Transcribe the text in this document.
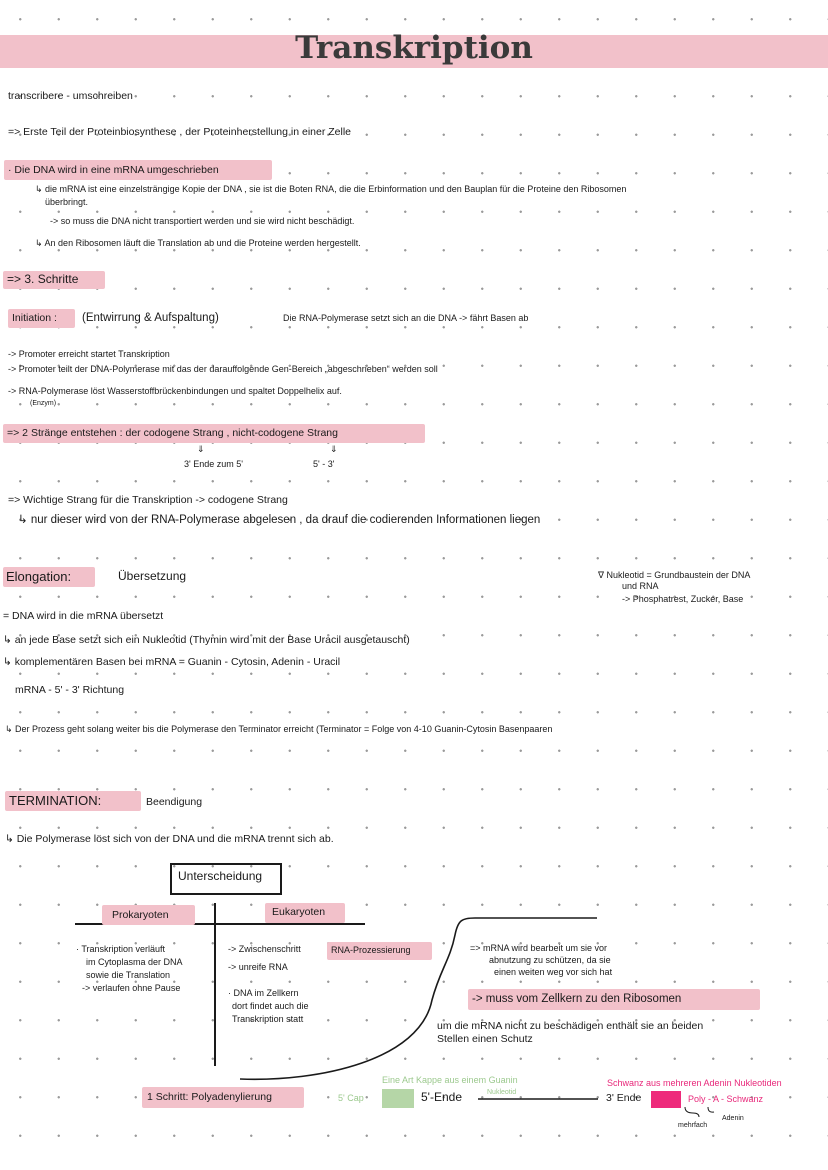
Transkription
transcribere - umschreiben
=> Erste Teil der Proteinbiosynthese , der Proteinherstellung in einer Zelle
· Die DNA wird in eine mRNA umgeschrieben
↳ die mRNA ist eine einzelsträngige Kopie der DNA , sie ist die Boten RNA, die die Erbinformation und den Bauplan für die Proteine den Ribosomen
überbringt.
-> so muss die DNA nicht transportiert werden und sie wird nicht beschädigt.
↳ An den Ribosomen läuft die Translation ab und die Proteine werden hergestellt.
=> 3. Schritte
Initiation : (Entwirrung & Aufspaltung)	Die RNA-Polymerase setzt sich an die DNA -> fährt Basen ab
-> Promoter erreicht startet Transkription
-> Promoter teilt der DNA-Polymerase mit das der darauffolgende Gen-Bereich „abgeschrieben“ werden soll
-> RNA-Polymerase löst Wasserstoffbrückenbindungen und spaltet Doppelhelix auf.
(Enzym)
=> 2 Stränge entstehen : der codogene Strang , nicht-codogene Strang
⇓	⇓
3' Ende zum 5'	5' - 3'
=> Wichtige Strang für die Transkription -> codogene Strang
↳ nur dieser wird von der RNA-Polymerase abgelesen , da drauf die codierenden Informationen liegen
Elongation:	Übersetzung	∇ Nukleotid = Grundbaustein der DNA
und RNA
-> Phosphatrest, Zucker, Base
= DNA wird in die mRNA übersetzt
↳ an jede Base setzt sich ein Nukleotid (Thymin wird mit der Base Uracil ausgetauscht)
↳ komplementären Basen bei mRNA = Guanin - Cytosin, Adenin - Uracil
mRNA - 5' - 3' Richtung
↳ Der Prozess geht solang weiter bis die Polymerase den Terminator erreicht (Terminator = Folge von 4-10 Guanin-Cytosin Basenpaaren
TERMINATION:	Beendigung
↳ Die Polymerase löst sich von der DNA und die mRNA trennt sich ab.
Unterscheidung
Prokaryoten	Eukaryoten
· Transkription verläuft
im Cytoplasma der DNA
sowie die Translation
-> verlaufen ohne Pause
-> Zwischenschritt	RNA-Prozessierung
-> unreife RNA
· DNA im Zellkern
dort findet auch die
Transkription statt
=> mRNA wird bearbeit um sie vor
abnutzung zu schützen, da sie
einen weiten weg vor sich hat
-> muss vom Zellkern zu den Ribosomen
um die mRNA nicht zu beschädigen enthält sie an beiden
Stellen einen Schutz
1 Schritt: Polyadenylierung	5' Cap
Eine Art Kappe aus einem Guanin
Nukleotid
5'-Ende	3' Ende
Schwanz aus mehreren Adenin Nukleotiden
Poly - A - Schwanz
mehrfach
Adenin
